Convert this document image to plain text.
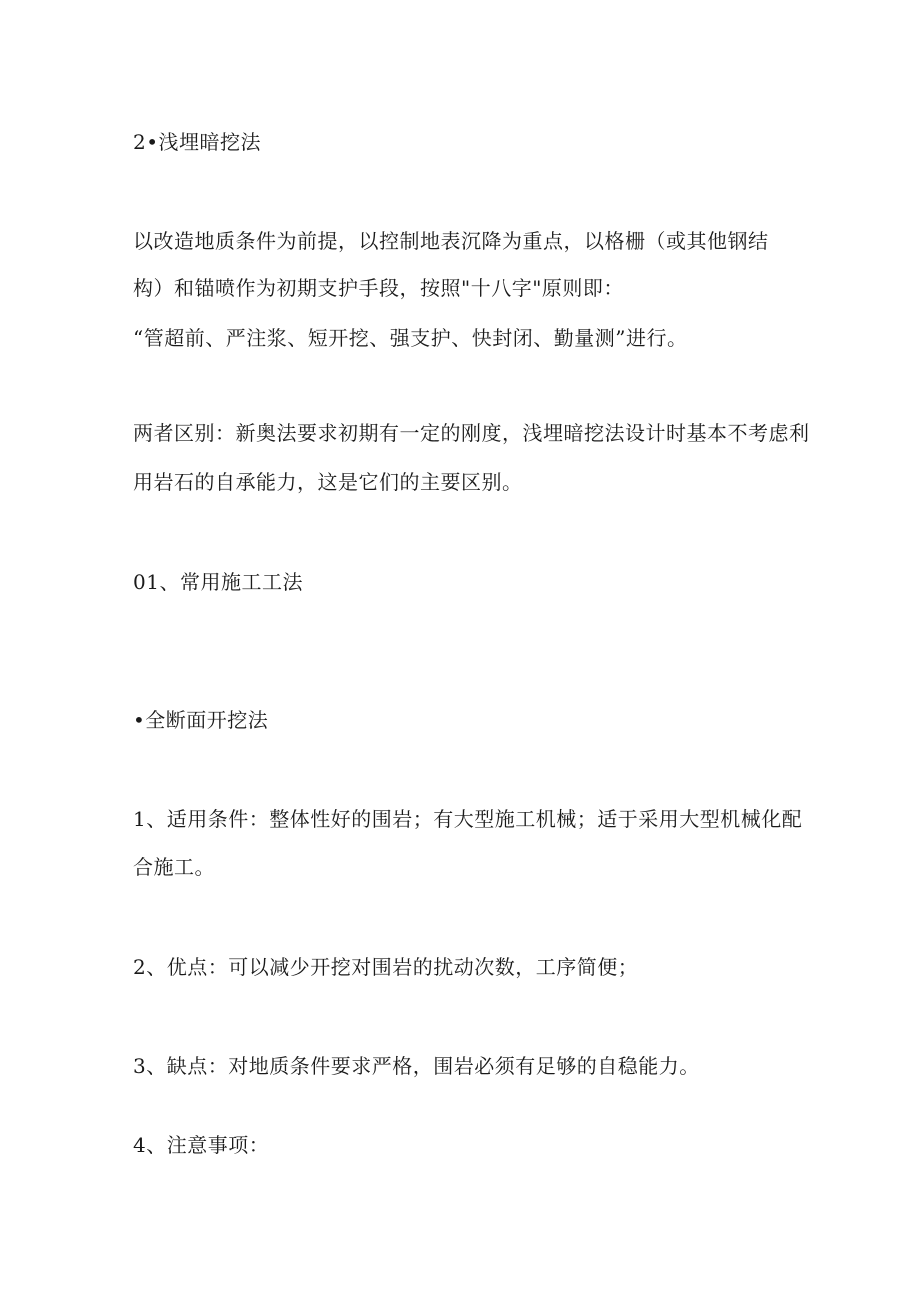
2•浅埋暗挖法
以改造地质条件为前提，以控制地表沉降为重点，以格栅（或其他钢结
构）和锚喷作为初期支护手段，按照"十八字"原则即：
“管超前、严注浆、短开挖、强支护、快封闭、勤量测”进行。
两者区别：新奥法要求初期有一定的刚度，浅埋暗挖法设计时基本不考虑利
用岩石的自承能力，这是它们的主要区别。
01、常用施工工法
•全断面开挖法
1、适用条件：整体性好的围岩；有大型施工机械；适于采用大型机械化配
合施工。
2、优点：可以减少开挖对围岩的扰动次数，工序简便；
3、缺点：对地质条件要求严格，围岩必须有足够的自稳能力。
4、注意事项：
